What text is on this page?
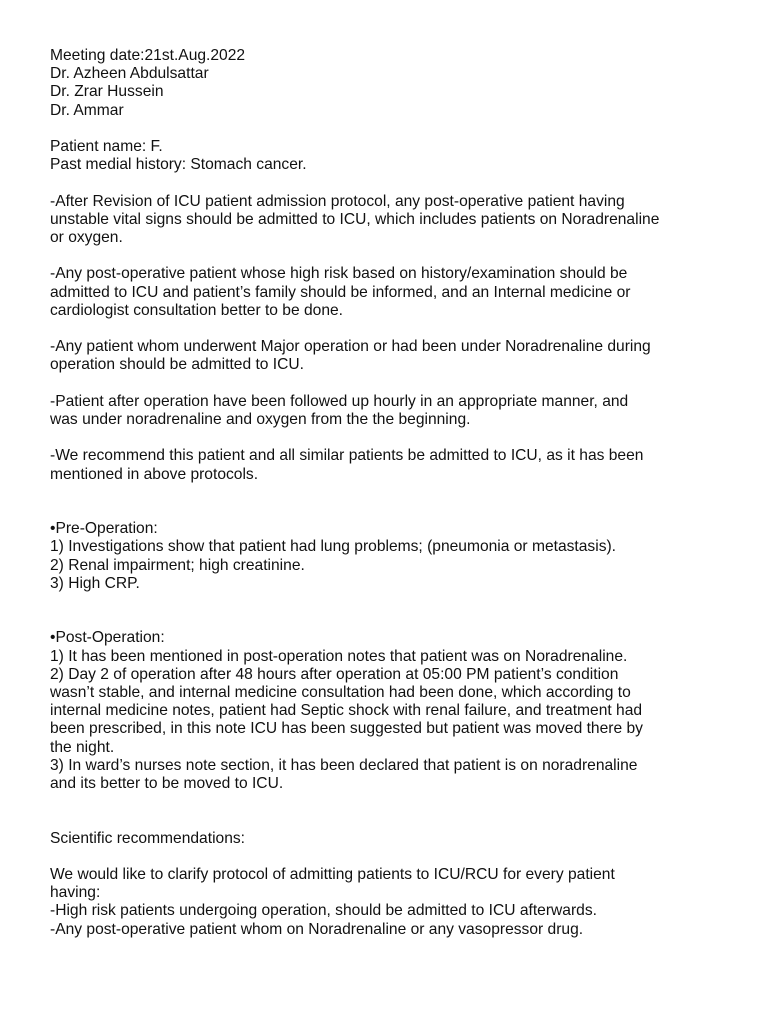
Meeting date:21st.Aug.2022

Dr. Azheen Abdulsattar

Dr. Zrar Hussein

Dr. Ammar

Patient name: F.

Past medial history: Stomach cancer.

-After Revision of ICU patient admission protocol, any post-operative patient having

unstable vital signs should be admitted to ICU, which includes patients on Noradrenaline

or oxygen.

-Any post-operative patient whose high risk based on history/examination should be

admitted to ICU and patient’s family should be informed, and an Internal medicine or

cardiologist consultation better to be done.

-Any patient whom underwent Major operation or had been under Noradrenaline during

operation should be admitted to ICU.

-Patient after operation have been followed up hourly in an appropriate manner, and

was under noradrenaline and oxygen from the the beginning.

-We recommend this patient and all similar patients be admitted to ICU, as it has been

mentioned in above protocols.

•Pre-Operation:

1) Investigations show that patient had lung problems; (pneumonia or metastasis).

2) Renal impairment; high creatinine.

3) High CRP.

•Post-Operation:

1) It has been mentioned in post-operation notes that patient was on Noradrenaline.

2) Day 2 of operation after 48 hours after operation at 05:00 PM patient’s condition

wasn’t stable, and internal medicine consultation had been done, which according to

internal medicine notes, patient had Septic shock with renal failure, and treatment had

been prescribed, in this note ICU has been suggested but patient was moved there by

the night.

3) In ward’s nurses note section, it has been declared that patient is on noradrenaline

and its better to be moved to ICU.

Scientific recommendations:

We would like to clarify protocol of admitting patients to ICU/RCU for every patient

having:

-High risk patients undergoing operation, should be admitted to ICU afterwards.

-Any post-operative patient whom on Noradrenaline or any vasopressor drug.
